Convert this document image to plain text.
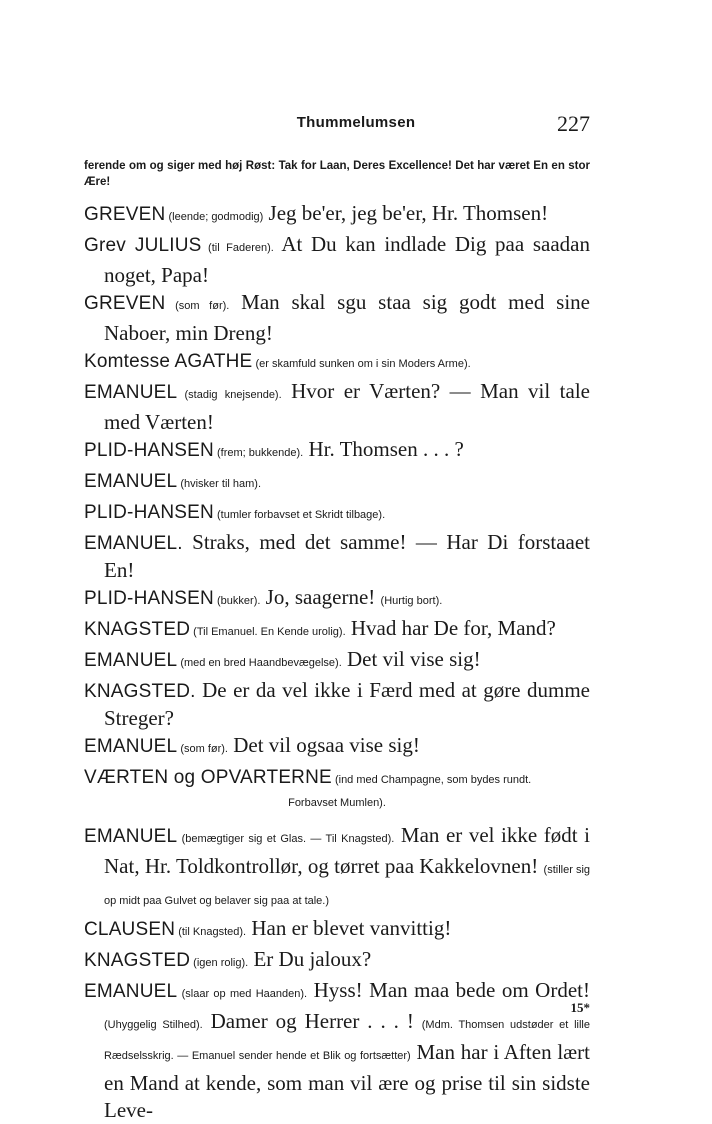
Thummelumsen	227
ferende om og siger med høj Røst: Tak for Laan, Deres Excellence! Det har været En en stor Ære!
GREVEN (leende; godmodig) Jeg be'er, jeg be'er, Hr. Thomsen!
Grev JULIUS (til Faderen). At Du kan indlade Dig paa saadan noget, Papa!
GREVEN (som før). Man skal sgu staa sig godt med sine Naboer, min Dreng!
Komtesse AGATHE (er skamfuld sunken om i sin Moders Arme).
EMANUEL (stadig knejsende). Hvor er Værten? — Man vil tale med Værten!
PLID-HANSEN (frem; bukkende). Hr. Thomsen . . . ?
EMANUEL (hvisker til ham).
PLID-HANSEN (tumler forbavset et Skridt tilbage).
EMANUEL. Straks, med det samme! — Har Di forstaaet En!
PLID-HANSEN (bukker). Jo, saagerne! (Hurtig bort).
KNAGSTED (Til Emanuel. En Kende urolig). Hvad har De for, Mand?
EMANUEL (med en bred Haandbevægelse). Det vil vise sig!
KNAGSTED. De er da vel ikke i Færd med at gøre dumme Streger?
EMANUEL (som før). Det vil ogsaa vise sig!
VÆRTEN og OPVARTERNE (ind med Champagne, som bydes rundt.
Forbavset Mumlen).
EMANUEL (bemægtiger sig et Glas. — Til Knagsted). Man er vel ikke født i Nat, Hr. Toldkontrollør, og tørret paa Kakkelovnen! (stiller sig op midt paa Gulvet og belaver sig paa at tale.)
CLAUSEN (til Knagsted). Han er blevet vanvittig!
KNAGSTED (igen rolig). Er Du jaloux?
EMANUEL (slaar op med Haanden). Hyss! Man maa bede om Ordet! (Uhyggelig Stilhed). Damer og Herrer . . . ! (Mdm. Thomsen udstøder et lille Rædselsskrig. — Emanuel sender hende et Blik og fortsætter) Man har i Aften lært en Mand at kende, som man vil ære og prise til sin sidste Leve-
15*
